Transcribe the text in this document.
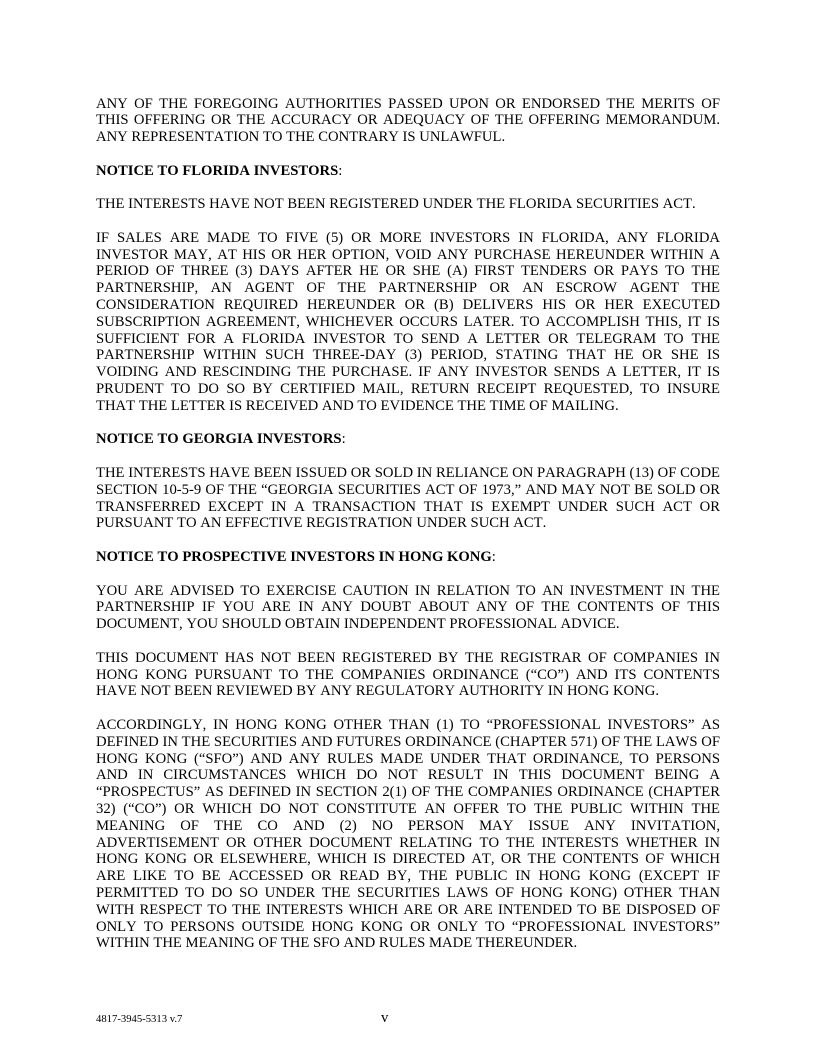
ANY OF THE FOREGOING AUTHORITIES PASSED UPON OR ENDORSED THE MERITS OF
THIS OFFERING OR THE ACCURACY OR ADEQUACY OF THE OFFERING MEMORANDUM.
ANY REPRESENTATION TO THE CONTRARY IS UNLAWFUL.
NOTICE TO FLORIDA INVESTORS:
THE INTERESTS HAVE NOT BEEN REGISTERED UNDER THE FLORIDA SECURITIES ACT.
IF SALES ARE MADE TO FIVE (5) OR MORE INVESTORS IN FLORIDA, ANY FLORIDA
INVESTOR MAY, AT HIS OR HER OPTION, VOID ANY PURCHASE HEREUNDER WITHIN A
PERIOD OF THREE (3) DAYS AFTER HE OR SHE (A) FIRST TENDERS OR PAYS TO THE
PARTNERSHIP, AN AGENT OF THE PARTNERSHIP OR AN ESCROW AGENT THE
CONSIDERATION REQUIRED HEREUNDER OR (B) DELIVERS HIS OR HER EXECUTED
SUBSCRIPTION AGREEMENT, WHICHEVER OCCURS LATER. TO ACCOMPLISH THIS, IT IS
SUFFICIENT FOR A FLORIDA INVESTOR TO SEND A LETTER OR TELEGRAM TO THE
PARTNERSHIP WITHIN SUCH THREE-DAY (3) PERIOD, STATING THAT HE OR SHE IS
VOIDING AND RESCINDING THE PURCHASE. IF ANY INVESTOR SENDS A LETTER, IT IS
PRUDENT TO DO SO BY CERTIFIED MAIL, RETURN RECEIPT REQUESTED, TO INSURE
THAT THE LETTER IS RECEIVED AND TO EVIDENCE THE TIME OF MAILING.
NOTICE TO GEORGIA INVESTORS:
THE INTERESTS HAVE BEEN ISSUED OR SOLD IN RELIANCE ON PARAGRAPH (13) OF CODE
SECTION 10-5-9 OF THE “GEORGIA SECURITIES ACT OF 1973,” AND MAY NOT BE SOLD OR
TRANSFERRED EXCEPT IN A TRANSACTION THAT IS EXEMPT UNDER SUCH ACT OR
PURSUANT TO AN EFFECTIVE REGISTRATION UNDER SUCH ACT.
NOTICE TO PROSPECTIVE INVESTORS IN HONG KONG:
YOU ARE ADVISED TO EXERCISE CAUTION IN RELATION TO AN INVESTMENT IN THE
PARTNERSHIP IF YOU ARE IN ANY DOUBT ABOUT ANY OF THE CONTENTS OF THIS
DOCUMENT, YOU SHOULD OBTAIN INDEPENDENT PROFESSIONAL ADVICE.
THIS DOCUMENT HAS NOT BEEN REGISTERED BY THE REGISTRAR OF COMPANIES IN
HONG KONG PURSUANT TO THE COMPANIES ORDINANCE (“CO”) AND ITS CONTENTS
HAVE NOT BEEN REVIEWED BY ANY REGULATORY AUTHORITY IN HONG KONG.
ACCORDINGLY, IN HONG KONG OTHER THAN (1) TO “PROFESSIONAL INVESTORS” AS
DEFINED IN THE SECURITIES AND FUTURES ORDINANCE (CHAPTER 571) OF THE LAWS OF
HONG KONG (“SFO”) AND ANY RULES MADE UNDER THAT ORDINANCE, TO PERSONS
AND IN CIRCUMSTANCES WHICH DO NOT RESULT IN THIS DOCUMENT BEING A
“PROSPECTUS” AS DEFINED IN SECTION 2(1) OF THE COMPANIES ORDINANCE (CHAPTER
32) (“CO”) OR WHICH DO NOT CONSTITUTE AN OFFER TO THE PUBLIC WITHIN THE
MEANING OF THE CO AND (2) NO PERSON MAY ISSUE ANY INVITATION,
ADVERTISEMENT OR OTHER DOCUMENT RELATING TO THE INTERESTS WHETHER IN
HONG KONG OR ELSEWHERE, WHICH IS DIRECTED AT, OR THE CONTENTS OF WHICH
ARE LIKE TO BE ACCESSED OR READ BY, THE PUBLIC IN HONG KONG (EXCEPT IF
PERMITTED TO DO SO UNDER THE SECURITIES LAWS OF HONG KONG) OTHER THAN
WITH RESPECT TO THE INTERESTS WHICH ARE OR ARE INTENDED TO BE DISPOSED OF
ONLY TO PERSONS OUTSIDE HONG KONG OR ONLY TO “PROFESSIONAL INVESTORS”
WITHIN THE MEANING OF THE SFO AND RULES MADE THEREUNDER.
4817-3945-5313 v.7	v
